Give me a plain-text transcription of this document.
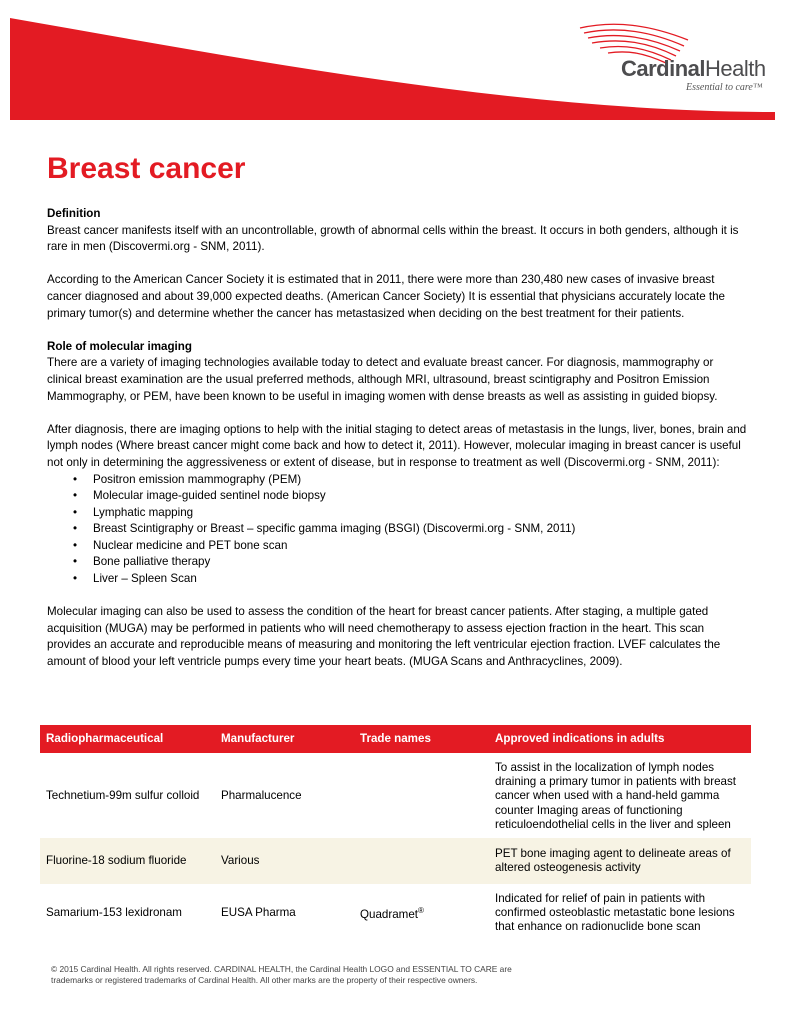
CardinalHealth
Essential to care™
Breast cancer

Definition

Breast cancer manifests itself with an uncontrollable, growth of abnormal cells within the breast. It occurs in both genders, although it is rare in men (Discovermi.org - SNM, 2011).

According to the American Cancer Society it is estimated that in 2011, there were more than 230,480 new cases of invasive breast cancer diagnosed and about 39,000 expected deaths. (American Cancer Society) It is essential that physicians accurately locate the primary tumor(s) and determine whether the cancer has metastasized when deciding on the best treatment for their patients.

Role of molecular imaging

There are a variety of imaging technologies available today to detect and evaluate breast cancer. For diagnosis, mammography or clinical breast examination are the usual preferred methods, although MRI, ultrasound, breast scintigraphy and Positron Emission Mammography, or PEM, have been known to be useful in imaging women with dense breasts as well as assisting in guided biopsy.

After diagnosis, there are imaging options to help with the initial staging to detect areas of metastasis in the lungs, liver, bones, brain and lymph nodes (Where breast cancer might come back and how to detect it, 2011). However, molecular imaging in breast cancer is useful not only in determining the aggressiveness or extent of disease, but in response to treatment as well (Discovermi.org - SNM, 2011):

• Positron emission mammography (PEM)
• Molecular image-guided sentinel node biopsy
• Lymphatic mapping
• Breast Scintigraphy or Breast – specific gamma imaging (BSGI) (Discovermi.org - SNM, 2011)
• Nuclear medicine and PET bone scan
• Bone palliative therapy
• Liver – Spleen Scan

Molecular imaging can also be used to assess the condition of the heart for breast cancer patients. After staging, a multiple gated acquisition (MUGA) may be performed in patients who will need chemotherapy to assess ejection fraction in the heart. This scan provides an accurate and reproducible means of measuring and monitoring the left ventricular ejection fraction. LVEF calculates the amount of blood your left ventricle pumps every time your heart beats. (MUGA Scans and Anthracyclines, 2009).

Radiopharmaceutical	Manufacturer	Trade names	Approved indications in adults
Technetium-99m sulfur colloid	Pharmalucence		To assist in the localization of lymph nodes draining a primary tumor in patients with breast cancer when used with a hand-held gamma counter Imaging areas of functioning reticuloendothelial cells in the liver and spleen
Fluorine-18 sodium fluoride	Various		PET bone imaging agent to delineate areas of altered osteogenesis activity
Samarium-153 lexidronam	EUSA Pharma	Quadramet®	Indicated for relief of pain in patients with confirmed osteoblastic metastatic bone lesions that enhance on radionuclide bone scan
© 2015 Cardinal Health. All rights reserved. CARDINAL HEALTH, the Cardinal Health LOGO and ESSENTIAL TO CARE are trademarks or registered trademarks of Cardinal Health. All other marks are the property of their respective owners.
